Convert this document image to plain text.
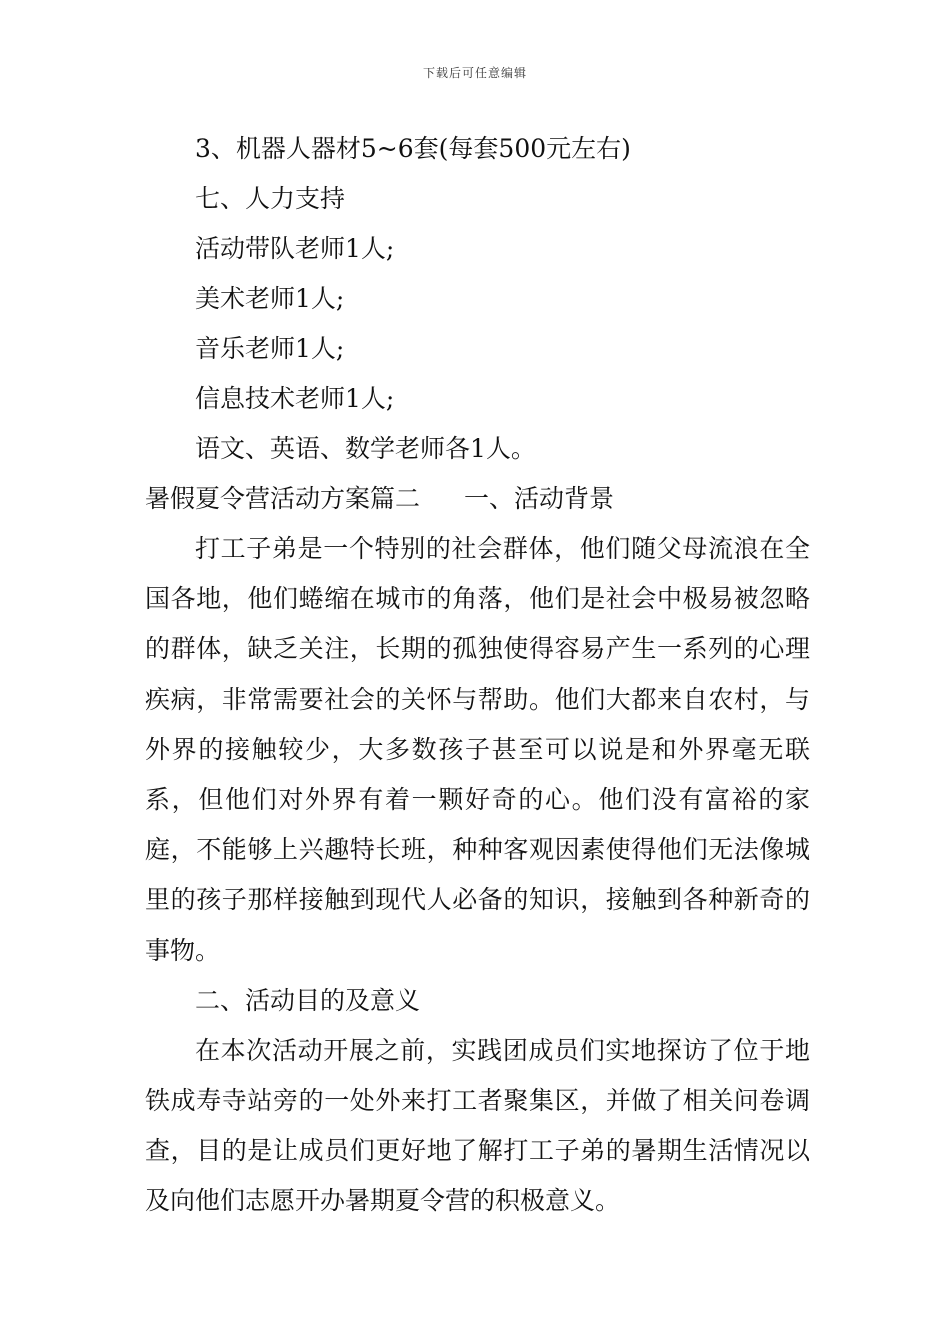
下载后可任意编辑
3、机器人器材5~6套(每套500元左右)
七、人力支持
活动带队老师1人;
美术老师1人;
音乐老师1人;
信息技术老师1人;
语文、英语、数学老师各1人。
暑假夏令营活动方案篇二 一、活动背景

打工子弟是一个特别的社会群体，他们随父母流浪在全国各地，他们蜷缩在城市的角落，他们是社会中极易被忽略的群体，缺乏关注，长期的孤独使得容易产生一系列的心理疾病，非常需要社会的关怀与帮助。他们大都来自农村，与外界的接触较少，大多数孩子甚至可以说是和外界毫无联系，但他们对外界有着一颗好奇的心。他们没有富裕的家庭，不能够上兴趣特长班，种种客观因素使得他们无法像城里的孩子那样接触到现代人必备的知识，接触到各种新奇的事物。

二、活动目的及意义

在本次活动开展之前，实践团成员们实地探访了位于地铁成寿寺站旁的一处外来打工者聚集区，并做了相关问卷调查，目的是让成员们更好地了解打工子弟的暑期生活情况以及向他们志愿开办暑期夏令营的积极意义。
